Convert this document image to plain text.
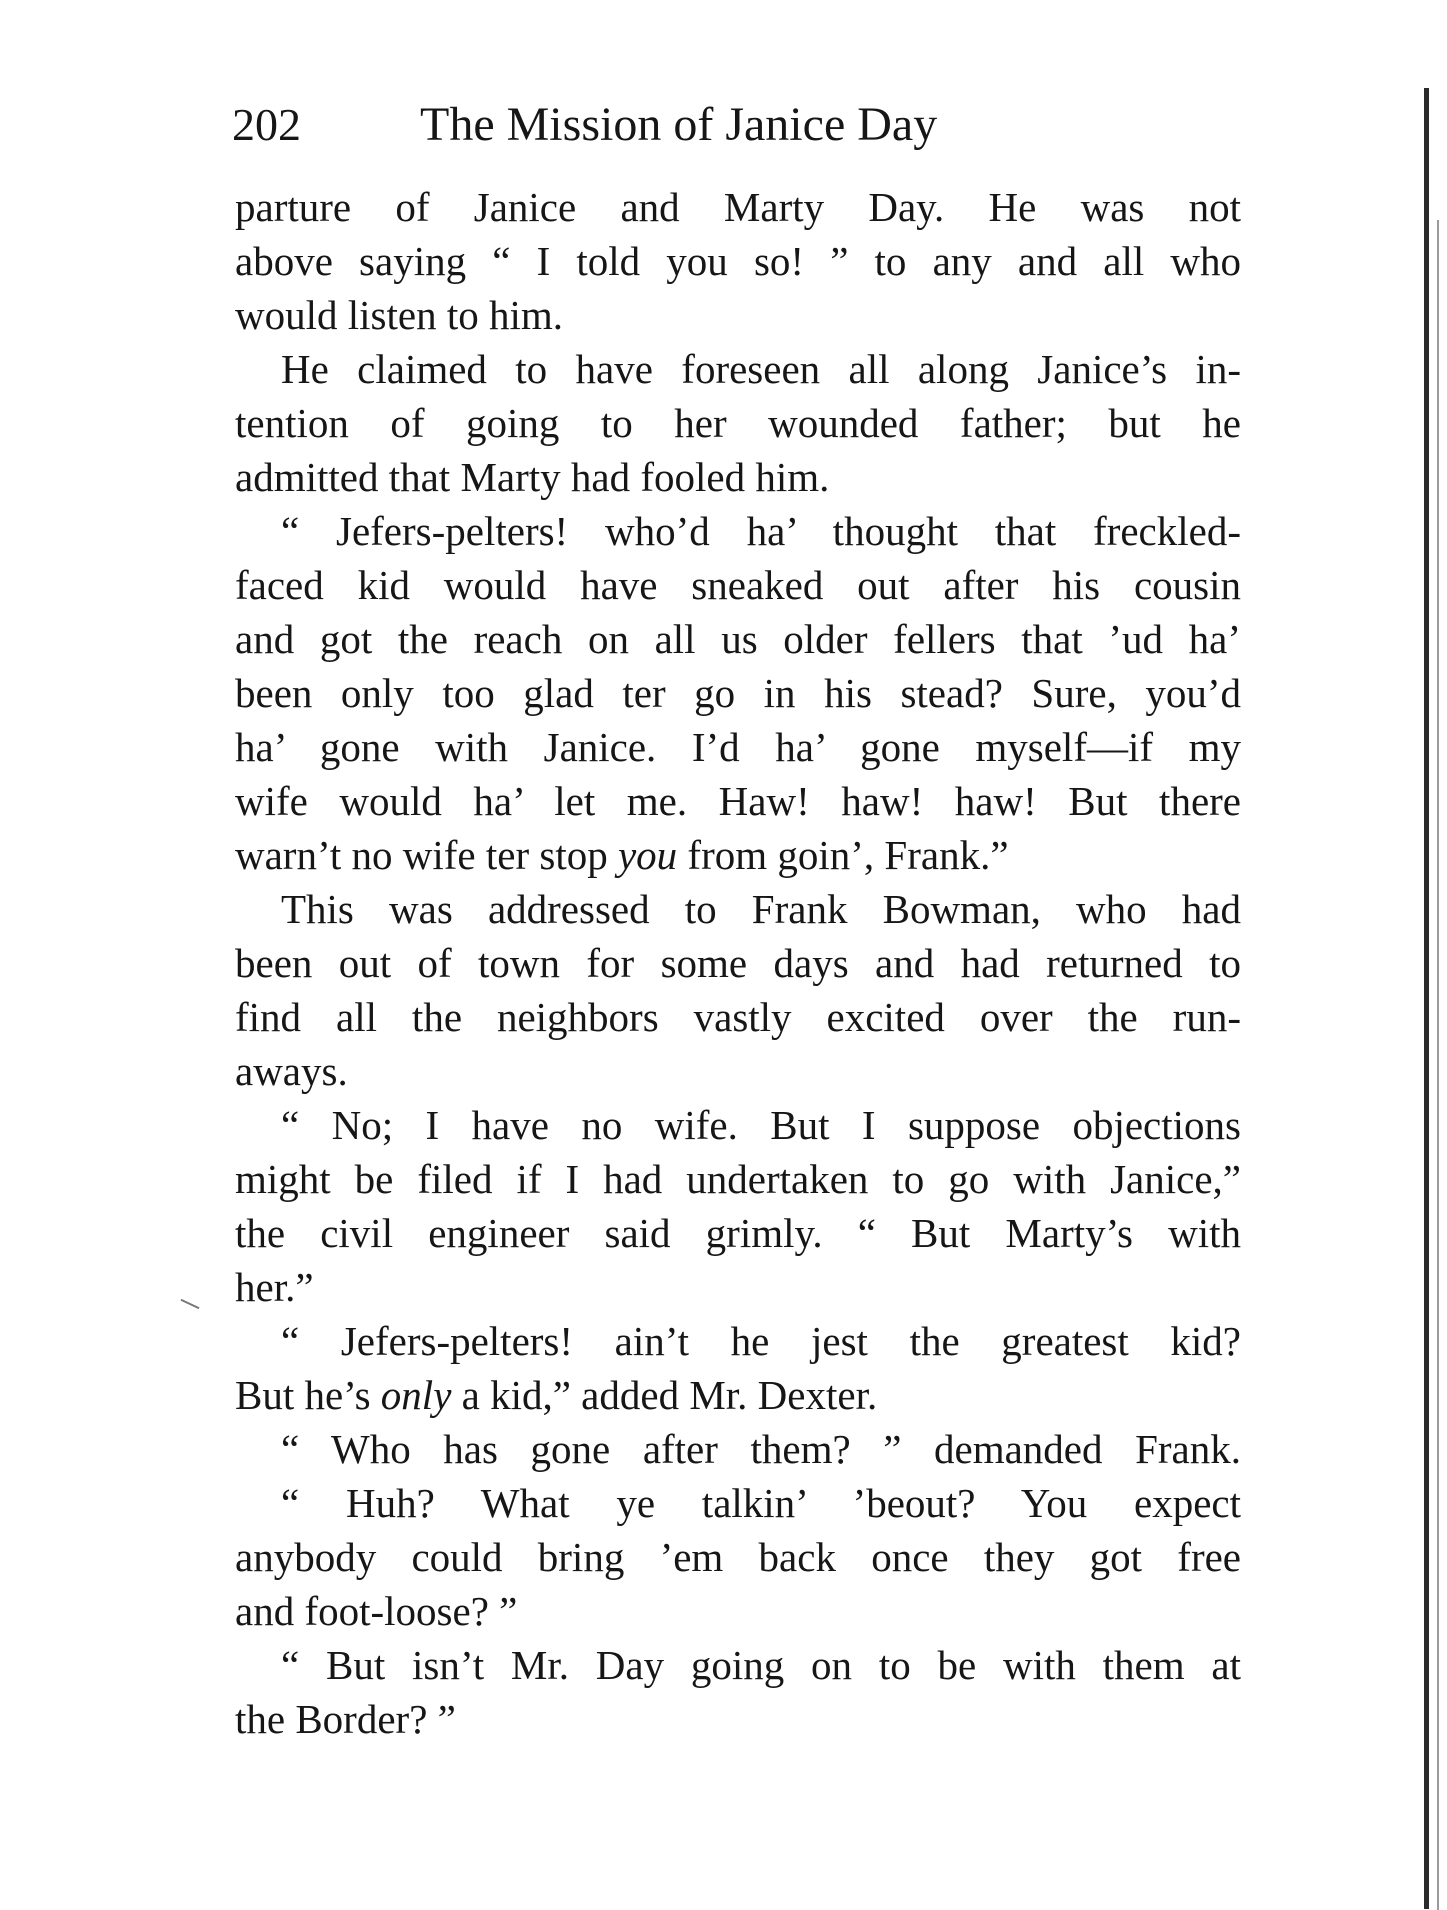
202 The Mission of Janice Day
parture of Janice and Marty Day. He was not
above saying “ I told you so! ” to any and all who
would listen to him.
He claimed to have foreseen all along Janice’s in-
tention of going to her wounded father; but he
admitted that Marty had fooled him.
“ Jefers-pelters! who’d ha’ thought that freckled-
faced kid would have sneaked out after his cousin
and got the reach on all us older fellers that ’ud ha’
been only too glad ter go in his stead? Sure, you’d
ha’ gone with Janice. I’d ha’ gone myself—if my
wife would ha’ let me. Haw! haw! haw! But there
warn’t no wife ter stop you from goin’, Frank.”
This was addressed to Frank Bowman, who had
been out of town for some days and had returned to
find all the neighbors vastly excited over the run-
aways.
“ No; I have no wife. But I suppose objections
might be filed if I had undertaken to go with Janice,”
the civil engineer said grimly. “ But Marty’s with
her.”
“ Jefers-pelters! ain’t he jest the greatest kid?
But he’s only a kid,” added Mr. Dexter.
“ Who has gone after them? ” demanded Frank.
“ Huh? What ye talkin’ ’beout? You expect
anybody could bring ’em back once they got free
and foot-loose? ”
“ But isn’t Mr. Day going on to be with them at
the Border? ”
